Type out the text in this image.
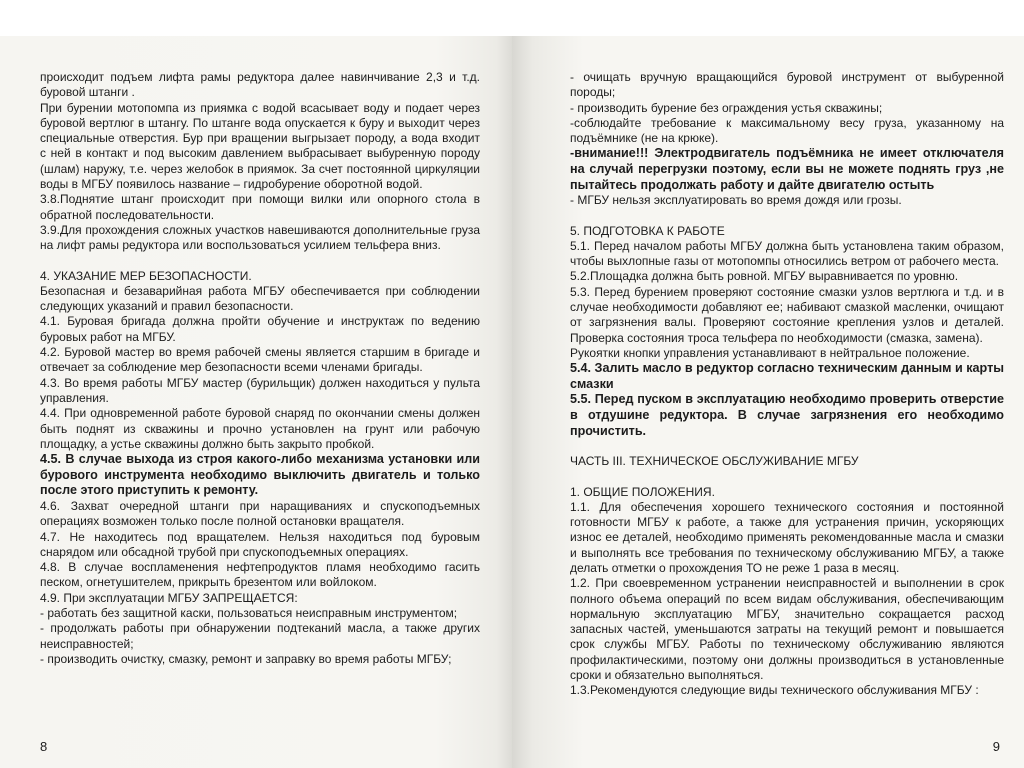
происходит подъем лифта рамы редуктора далее навинчивание 2,3 и т.д. буровой штанги .

При бурении мотопомпа из приямка с водой всасывает воду и подает через буровой вертлюг в штангу. По штанге вода опускается к буру и выходит через специальные отверстия. Бур при вращении выгрызает породу, а вода входит с ней в контакт и под высоким давлением выбрасывает выбуренную породу (шлам) наружу, т.е. через желобок в приямок. За счет постоянной циркуляции воды в МГБУ появилось название – гидробурение оборотной водой.

3.8.Поднятие штанг происходит при помощи вилки или опорного стола в обратной последовательности.

3.9.Для прохождения сложных участков навешиваются дополнительные груза на лифт рамы редуктора или воспользоваться усилием тельфера вниз.

4. УКАЗАНИЕ МЕР БЕЗОПАСНОСТИ.

Безопасная и безаварийная работа МГБУ обеспечивается при соблюдении следующих указаний и правил безопасности.

4.1. Буровая бригада должна пройти обучение и инструктаж по ведению буровых работ на МГБУ.

4.2. Буровой мастер во время рабочей смены является старшим в бригаде и отвечает за соблюдение мер безопасности всеми членами бригады.

4.3. Во время работы МГБУ мастер (бурильщик) должен находиться у пульта управления.

4.4. При одновременной работе буровой снаряд по окончании смены должен быть поднят из скважины и прочно установлен на грунт или рабочую площадку, а устье скважины должно быть закрыто пробкой.

4.5. В случае выхода из строя какого-либо механизма установки или бурового инструмента необходимо выключить двигатель и только после этого приступить к ремонту.

4.6. Захват очередной штанги при наращиваниях и спускоподъемных операциях возможен только после полной остановки вращателя.

4.7. Не находитесь под вращателем. Нельзя находиться под буровым снарядом или обсадной трубой при спускоподъемных операциях.

4.8. В случае воспламенения нефтепродуктов пламя необходимо гасить песком, огнетушителем, прикрыть брезентом или войлоком.

4.9. При эксплуатации МГБУ ЗАПРЕЩАЕТСЯ:

- работать без защитной каски, пользоваться неисправным инструментом;

- продолжать работы при обнаружении подтеканий масла, а также других неисправностей;

- производить очистку, смазку, ремонт и заправку во время работы МГБУ;

8

- очищать вручную вращающийся буровой инструмент от выбуренной породы;

- производить бурение без ограждения устья скважины;

-соблюдайте требование к максимальному весу груза, указанному на подъёмнике (не на крюке).

-внимание!!! Электродвигатель подъёмника не имеет отключателя на случай перегрузки поэтому, если вы не можете поднять груз ,не пытайтесь продолжать работу и дайте двигателю остыть

- МГБУ нельзя эксплуатировать во время дождя или грозы.

5. ПОДГОТОВКА К РАБОТЕ

5.1. Перед началом работы МГБУ должна быть установлена таким образом, чтобы выхлопные газы от мотопомпы относились ветром от рабочего места.

5.2.Площадка должна быть ровной. МГБУ выравнивается по уровню.

5.3. Перед бурением проверяют состояние смазки узлов вертлюга и т.д. и в случае необходимости добавляют ее; набивают смазкой масленки, очищают от загрязнения валы. Проверяют состояние крепления узлов и деталей. Проверка состояния троса тельфера по необходимости (смазка, замена).

Рукоятки кнопки управления устанавливают в нейтральное положение.

5.4. Залить масло в редуктор согласно техническим данным и карты смазки

5.5. Перед пуском в эксплуатацию необходимо проверить отверстие в отдушине редуктора. В случае загрязнения его необходимо прочистить.

ЧАСТЬ III. ТЕХНИЧЕСКОЕ ОБСЛУЖИВАНИЕ МГБУ

1. ОБЩИЕ ПОЛОЖЕНИЯ.

1.1. Для обеспечения хорошего технического состояния и постоянной готовности МГБУ к работе, а также для устранения причин, ускоряющих износ ее деталей, необходимо применять рекомендованные масла и смазки и выполнять все требования по техническому обслуживанию МГБУ, а также делать отметки о прохождения ТО не реже 1 раза в месяц.

1.2. При своевременном устранении неисправностей и выполнении в срок полного объема операций по всем видам обслуживания, обеспечивающим нормальную эксплуатацию МГБУ, значительно сокращается расход запасных частей, уменьшаются затраты на текущий ремонт и повышается срок службы МГБУ. Работы по техническому обслуживанию являются профилактическими, поэтому они должны производиться в установленные сроки и обязательно выполняться.

1.3.Рекомендуются следующие виды технического обслуживания МГБУ :

9
